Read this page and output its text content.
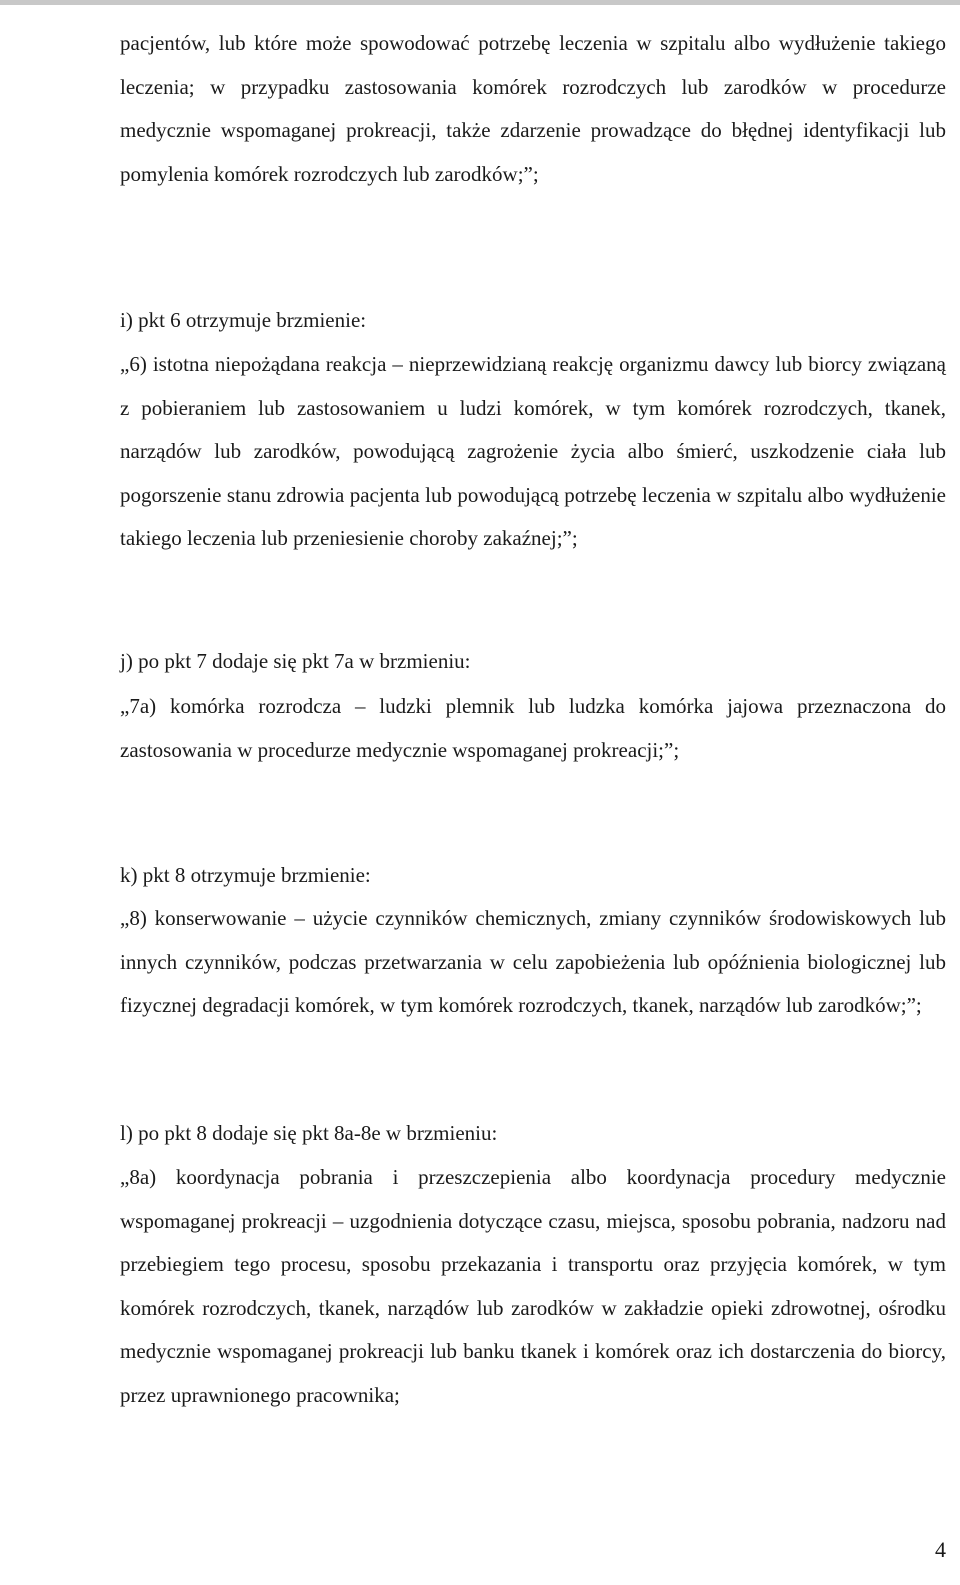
pacjentów, lub które może spowodować potrzebę leczenia w szpitalu albo wydłużenie takiego leczenia; w przypadku zastosowania komórek rozrodczych lub zarodków w procedurze medycznie wspomaganej prokreacji, także zdarzenie prowadzące do błędnej identyfikacji lub pomylenia komórek rozrodczych lub zarodków;”;

i) pkt 6 otrzymuje brzmienie:

„6) istotna niepożądana reakcja – nieprzewidzianą reakcję organizmu dawcy lub biorcy związaną z pobieraniem lub zastosowaniem u ludzi komórek, w tym komórek rozrodczych, tkanek, narządów lub zarodków, powodującą zagrożenie życia albo śmierć, uszkodzenie ciała lub pogorszenie stanu zdrowia pacjenta lub powodującą potrzebę leczenia w szpitalu albo wydłużenie takiego leczenia lub przeniesienie choroby zakaźnej;”;

j) po pkt 7 dodaje się pkt 7a w brzmieniu:

„7a) komórka rozrodcza – ludzki plemnik lub ludzka komórka jajowa przeznaczona do zastosowania w procedurze medycznie wspomaganej prokreacji;”;

k) pkt 8 otrzymuje brzmienie:

„8) konserwowanie – użycie czynników chemicznych, zmiany czynników środowiskowych lub innych czynników, podczas przetwarzania w celu zapobieżenia lub opóźnienia biologicznej lub fizycznej degradacji komórek, w tym komórek rozrodczych, tkanek, narządów lub zarodków;”;

l) po pkt 8 dodaje się pkt 8a-8e w brzmieniu:

„8a) koordynacja pobrania i przeszczepienia albo koordynacja procedury medycznie wspomaganej prokreacji – uzgodnienia dotyczące czasu, miejsca, sposobu pobrania, nadzoru nad przebiegiem tego procesu, sposobu przekazania i transportu oraz przyjęcia komórek, w tym komórek rozrodczych, tkanek, narządów lub zarodków w zakładzie opieki zdrowotnej, ośrodku medycznie wspomaganej prokreacji lub banku tkanek i komórek oraz ich dostarczenia do biorcy, przez uprawnionego pracownika;

4
